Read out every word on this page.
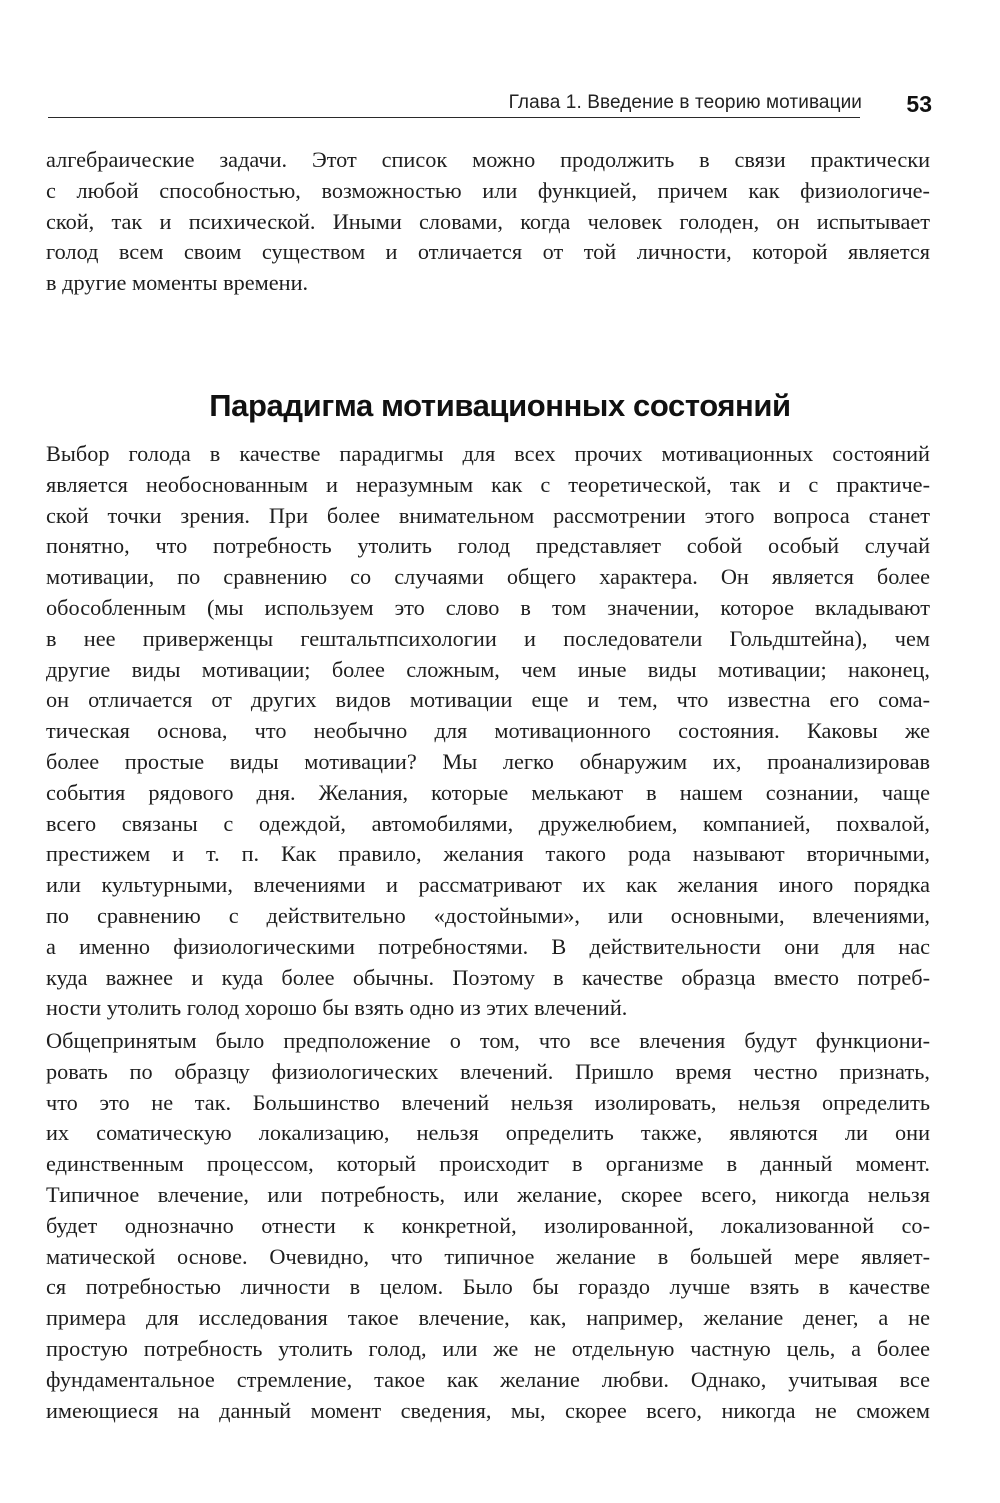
Глава 1. Введение в теорию мотивации 53
алгебраические задачи. Этот список можно продолжить в связи практически
с любой способностью, возможностью или функцией, причем как физиологиче-
ской, так и психической. Иными словами, когда человек голоден, он испытывает
голод всем своим существом и отличается от той личности, которой является
в другие моменты времени.
Парадигма мотивационных состояний
Выбор голода в качестве парадигмы для всех прочих мотивационных состояний
является необоснованным и неразумным как с теоретической, так и с практиче-
ской точки зрения. При более внимательном рассмотрении этого вопроса станет
понятно, что потребность утолить голод представляет собой особый случай
мотивации, по сравнению со случаями общего характера. Он является более
обособленным (мы используем это слово в том значении, которое вкладывают
в нее приверженцы гештальтпсихологии и последователи Гольдштейна), чем
другие виды мотивации; более сложным, чем иные виды мотивации; наконец,
он отличается от других видов мотивации еще и тем, что известна его сома-
тическая основа, что необычно для мотивационного состояния. Каковы же
более простые виды мотивации? Мы легко обнаружим их, проанализировав
события рядового дня. Желания, которые мелькают в нашем сознании, чаще
всего связаны с одеждой, автомобилями, дружелюбием, компанией, похвалой,
престижем и т. п. Как правило, желания такого рода называют вторичными,
или культурными, влечениями и рассматривают их как желания иного порядка
по сравнению с действительно «достойными», или основными, влечениями,
а именно физиологическими потребностями. В действительности они для нас
куда важнее и куда более обычны. Поэтому в качестве образца вместо потреб-
ности утолить голод хорошо бы взять одно из этих влечений.
Общепринятым было предположение о том, что все влечения будут функциони-
ровать по образцу физиологических влечений. Пришло время честно признать,
что это не так. Большинство влечений нельзя изолировать, нельзя определить
их соматическую локализацию, нельзя определить также, являются ли они
единственным процессом, который происходит в организме в данный момент.
Типичное влечение, или потребность, или желание, скорее всего, никогда нельзя
будет однозначно отнести к конкретной, изолированной, локализованной со-
матической основе. Очевидно, что типичное желание в большей мере являет-
ся потребностью личности в целом. Было бы гораздо лучше взять в качестве
примера для исследования такое влечение, как, например, желание денег, а не
простую потребность утолить голод, или же не отдельную частную цель, а более
фундаментальное стремление, такое как желание любви. Однако, учитывая все
имеющиеся на данный момент сведения, мы, скорее всего, никогда не сможем
